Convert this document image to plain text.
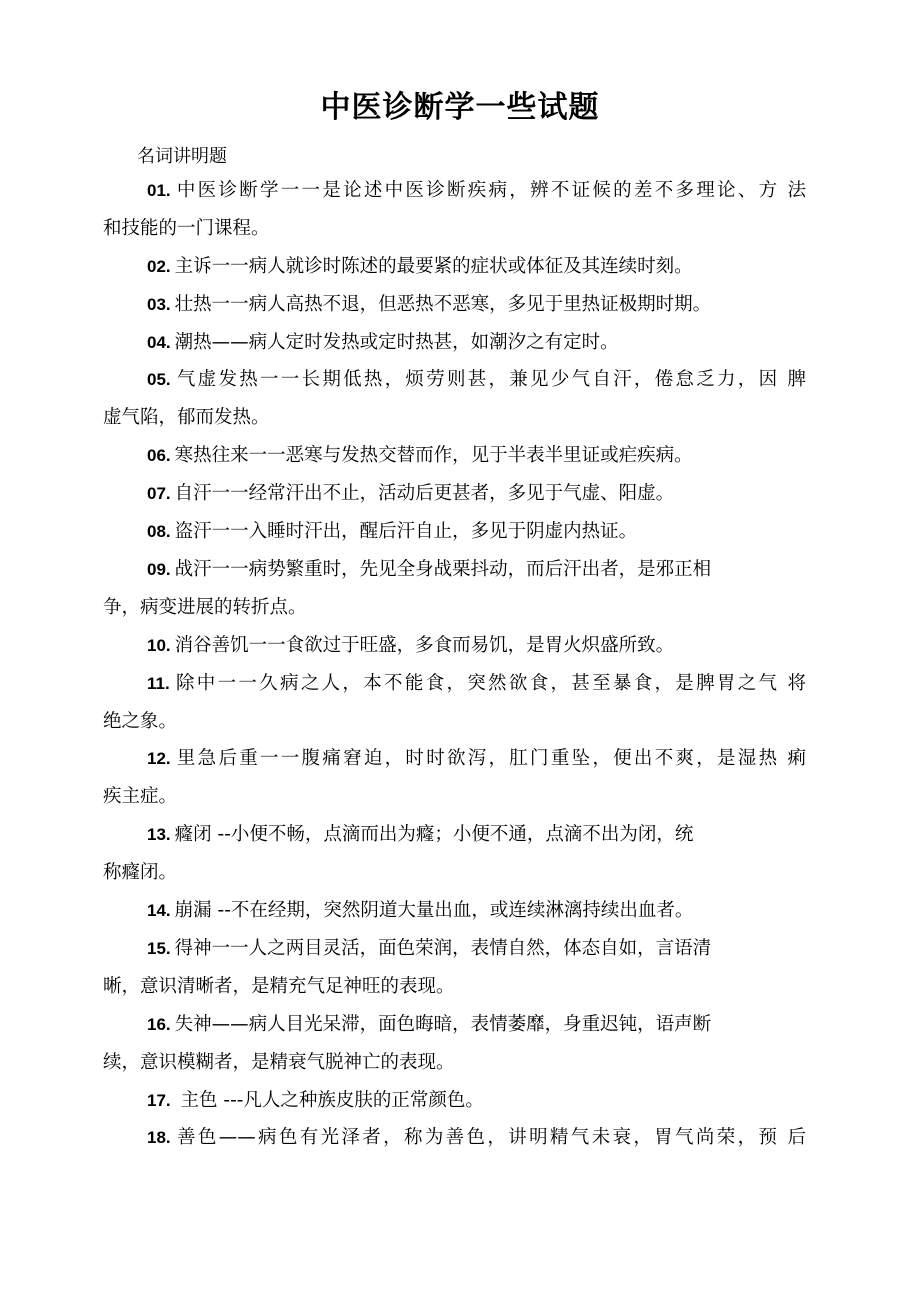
中医诊断学一些试题
名词讲明题
01. 中医诊断学一一是论述中医诊断疾病，辨不证候的差不多理论、方 法
和技能的一门课程。
02. 主诉一一病人就诊时陈述的最要紧的症状或体征及其连续时刻。
03. 壮热一一病人高热不退，但恶热不恶寒，多见于里热证极期时期。
04. 潮热——病人定时发热或定时热甚，如潮汐之有定时。
05. 气虚发热一一长期低热，烦劳则甚，兼见少气自汗，倦怠乏力，因 脾
虚气陷，郁而发热。
06. 寒热往来一一恶寒与发热交替而作，见于半表半里证或疟疾病。
07. 自汗一一经常汗出不止，活动后更甚者，多见于气虚、阳虚。
08. 盗汗一一入睡时汗出，醒后汗自止，多见于阴虚内热证。
09. 战汗一一病势繁重时，先见全身战栗抖动，而后汗出者，是邪正相
争，病变进展的转折点。
10. 消谷善饥一一食欲过于旺盛，多食而易饥，是胃火炽盛所致。
11. 除中一一久病之人，本不能食，突然欲食，甚至暴食，是脾胃之气 将
绝之象。
12. 里急后重一一腹痛窘迫，时时欲泻，肛门重坠，便出不爽，是湿热 痢
疾主症。
13. 癃闭 --小便不畅，点滴而出为癃；小便不通，点滴不出为闭，统
称癃闭。
14. 崩漏 --不在经期，突然阴道大量出血，或连续淋漓持续出血者。
15. 得神一一人之两目灵活，面色荣润，表情自然，体态自如，言语清
晰，意识清晰者，是精充气足神旺的表现。
16. 失神——病人目光呆滞，面色晦暗，表情萎靡，身重迟钝，语声断
续，意识模糊者，是精衰气脱神亡的表现。
17. 主色 ---凡人之种族皮肤的正常颜色。
18. 善色——病色有光泽者，称为善色，讲明精气未衰，胃气尚荣，预 后
